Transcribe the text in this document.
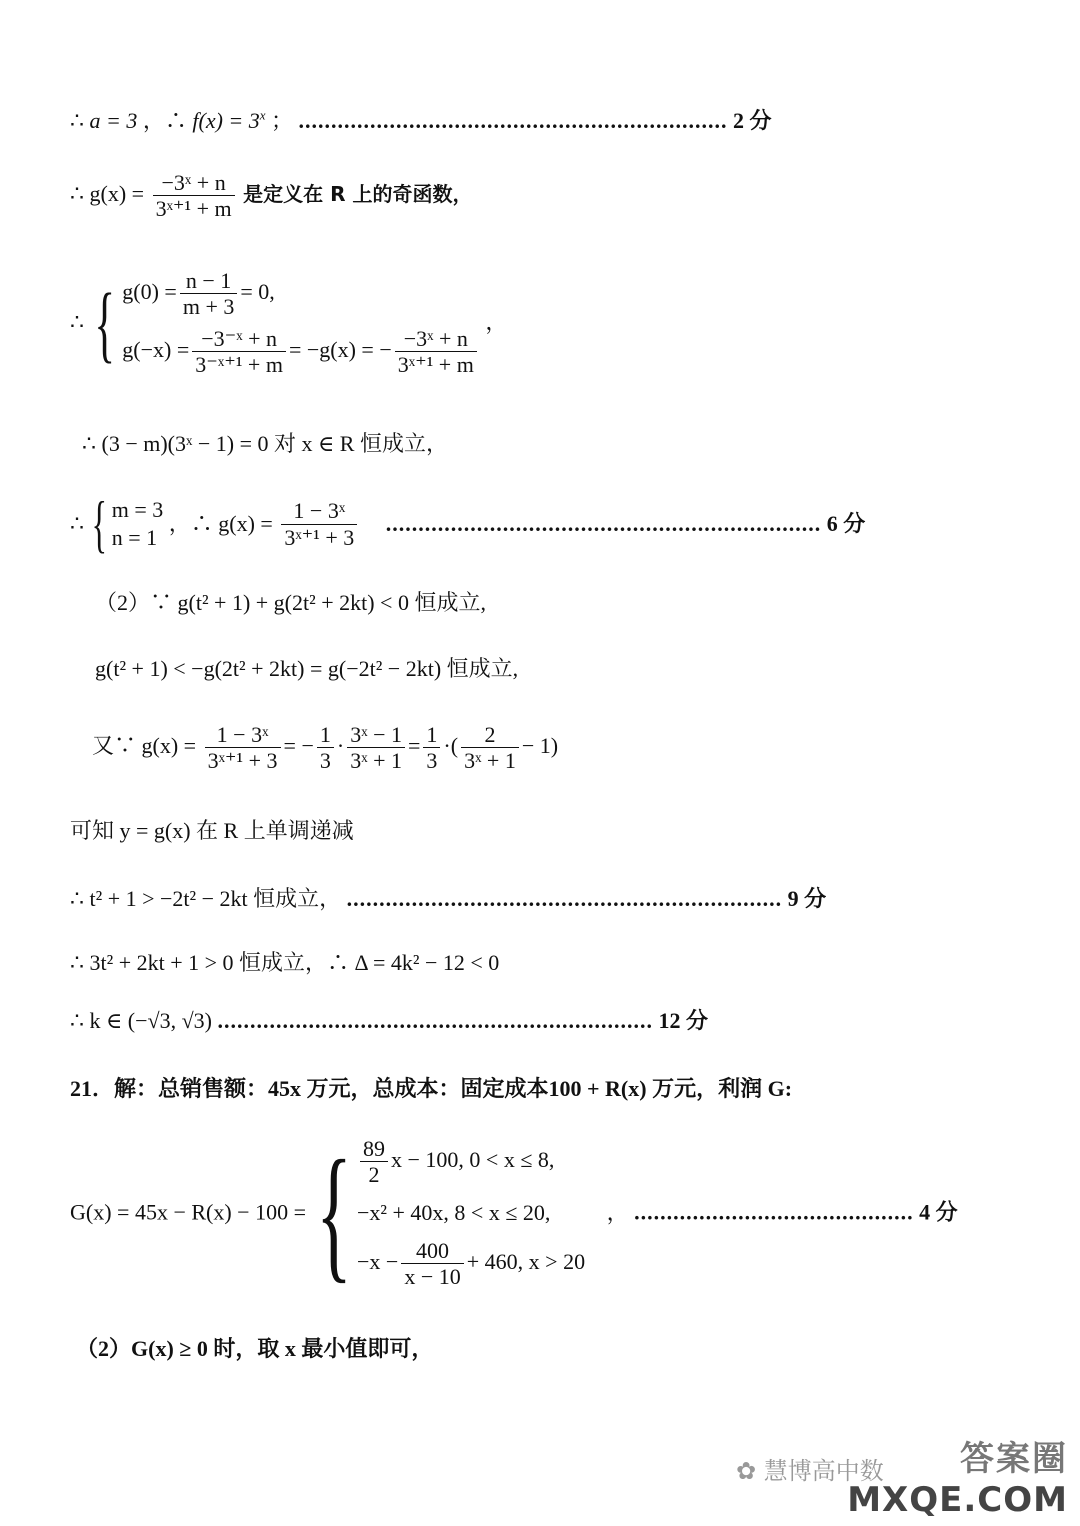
∴ a = 3 ，∴ $f(x) = 3^x$ ； .................................................................. 2 分
∴ $g(x) = \frac{\text{−3ˣ + n}}{\text{3ˣ⁺¹ + m}}$ 是定义在 R 上的奇函数，
∴ { $g(0) = \frac{n - 1}{m + 3} = 0$,
$g(-x) = \frac{\text{−3⁻ˣ + n}}{\text{3⁻ˣ⁺¹ + m}} = -g(x)$ = − $\frac{\text{−3ˣ + n}}{\text{3ˣ⁺¹ + m}}$
，
∴ (3 − m)(3ˣ − 1) = 0 对 x ∈ R 恒成立，
∴ { m = 3
n = 1
，∴ $g(x) = \frac{\text{1 − 3ˣ}}{\text{3ˣ⁺¹ + 3}}$ ................................................................... 6 分
（2）∵ g(t² + 1) + g(2t² + 2kt) < 0 恒成立,
g(t² + 1) < −g(2t² + 2kt) = g(−2t² − 2kt) 恒成立,
又∵ $g(x) = \frac{\text{1 − 3ˣ}}{\text{3ˣ⁺¹ + 3}}$ = − $\frac{1}{3} \cdot \frac{\text{3ˣ − 1}}{\text{3ˣ + 1}} = \frac{1}{3}$ ·( $\frac{2}{\text{3ˣ + 1}} - 1$)
可知 y = g(x) 在 R 上单调递减
∴ t² + 1 > −2t² − 2kt 恒成立， ................................................................... 9 分
∴ 3t² + 2kt + 1 > 0 恒成立，∴ Δ = 4k² − 12 < 0
∴ k ∈ (−√3, √3) ................................................................... 12 分
21．解：总销售额：45x 万元，总成本：固定成本100 + R(x) 万元，利润 G:
G(x) = 45x − R(x) − 100 = { $\frac{89}{2}$ x − 100, 0 < x ≤ 8,
−x² + 40x, 8 < x ≤ 20,
$-x - \frac{400}{x - 10} + 460$, x > 20
， ........................................... 4 分
（2）G(x) ≥ 0 时，取 x 最小值即可，
✿ 慧博高中数	答案圈
MXQE.COM
